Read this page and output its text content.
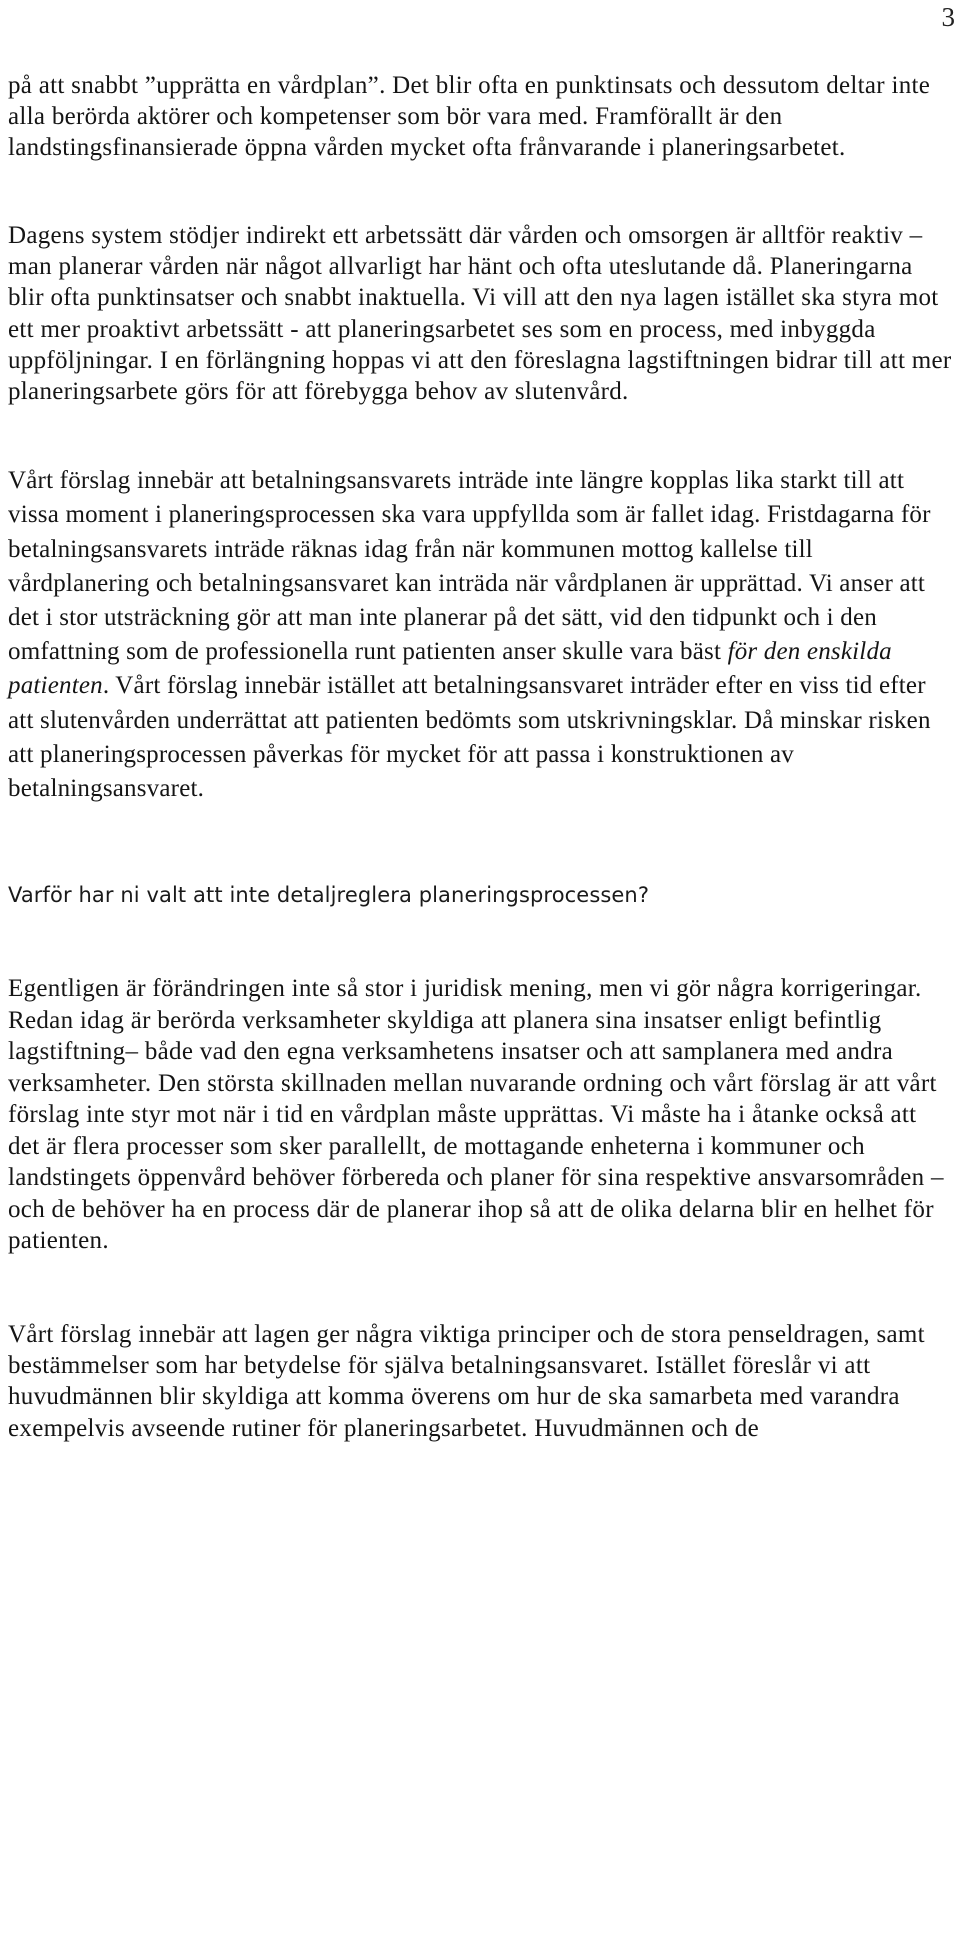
3

på att snabbt ”upprätta en vårdplan”. Det blir ofta en punktinsats och dessutom deltar inte alla berörda aktörer och kompetenser som bör vara med. Framförallt är den landstingsfinansierade öppna vården mycket ofta frånvarande i planeringsarbetet.

Dagens system stödjer indirekt ett arbetssätt där vården och omsorgen är alltför reaktiv – man planerar vården när något allvarligt har hänt och ofta uteslutande då. Planeringarna blir ofta punktinsatser och snabbt inaktuella. Vi vill att den nya lagen istället ska styra mot ett mer proaktivt arbetssätt - att planeringsarbetet ses som en process, med inbyggda uppföljningar. I en förlängning hoppas vi att den föreslagna lagstiftningen bidrar till att mer planeringsarbete görs för att förebygga behov av slutenvård.

Vårt förslag innebär att betalningsansvarets inträde inte längre kopplas lika starkt till att vissa moment i planeringsprocessen ska vara uppfyllda som är fallet idag. Fristdagarna för betalningsansvarets inträde räknas idag från när kommunen mottog kallelse till vårdplanering och betalningsansvaret kan inträda när vårdplanen är upprättad. Vi anser att det i stor utsträckning gör att man inte planerar på det sätt, vid den tidpunkt och i den omfattning som de professionella runt patienten anser skulle vara bäst för den enskilda patienten. Vårt förslag innebär istället att betalningsansvaret inträder efter en viss tid efter att slutenvården underrättat att patienten bedömts som utskrivningsklar. Då minskar risken att planeringsprocessen påverkas för mycket för att passa i konstruktionen av betalningsansvaret.

Varför har ni valt att inte detaljreglera planeringsprocessen?

Egentligen är förändringen inte så stor i juridisk mening, men vi gör några korrigeringar. Redan idag är berörda verksamheter skyldiga att planera sina insatser enligt befintlig lagstiftning– både vad den egna verksamhetens insatser och att samplanera med andra verksamheter. Den största skillnaden mellan nuvarande ordning och vårt förslag är att vårt förslag inte styr mot när i tid en vårdplan måste upprättas. Vi måste ha i åtanke också att det är flera processer som sker parallellt, de mottagande enheterna i kommuner och landstingets öppenvård behöver förbereda och planer för sina respektive ansvarsområden – och de behöver ha en process där de planerar ihop så att de olika delarna blir en helhet för patienten.

Vårt förslag innebär att lagen ger några viktiga principer och de stora penseldragen, samt bestämmelser som har betydelse för själva betalningsansvaret. Istället föreslår vi att huvudmännen blir skyldiga att komma överens om hur de ska samarbeta med varandra exempelvis avseende rutiner för planeringsarbetet. Huvudmännen och de
